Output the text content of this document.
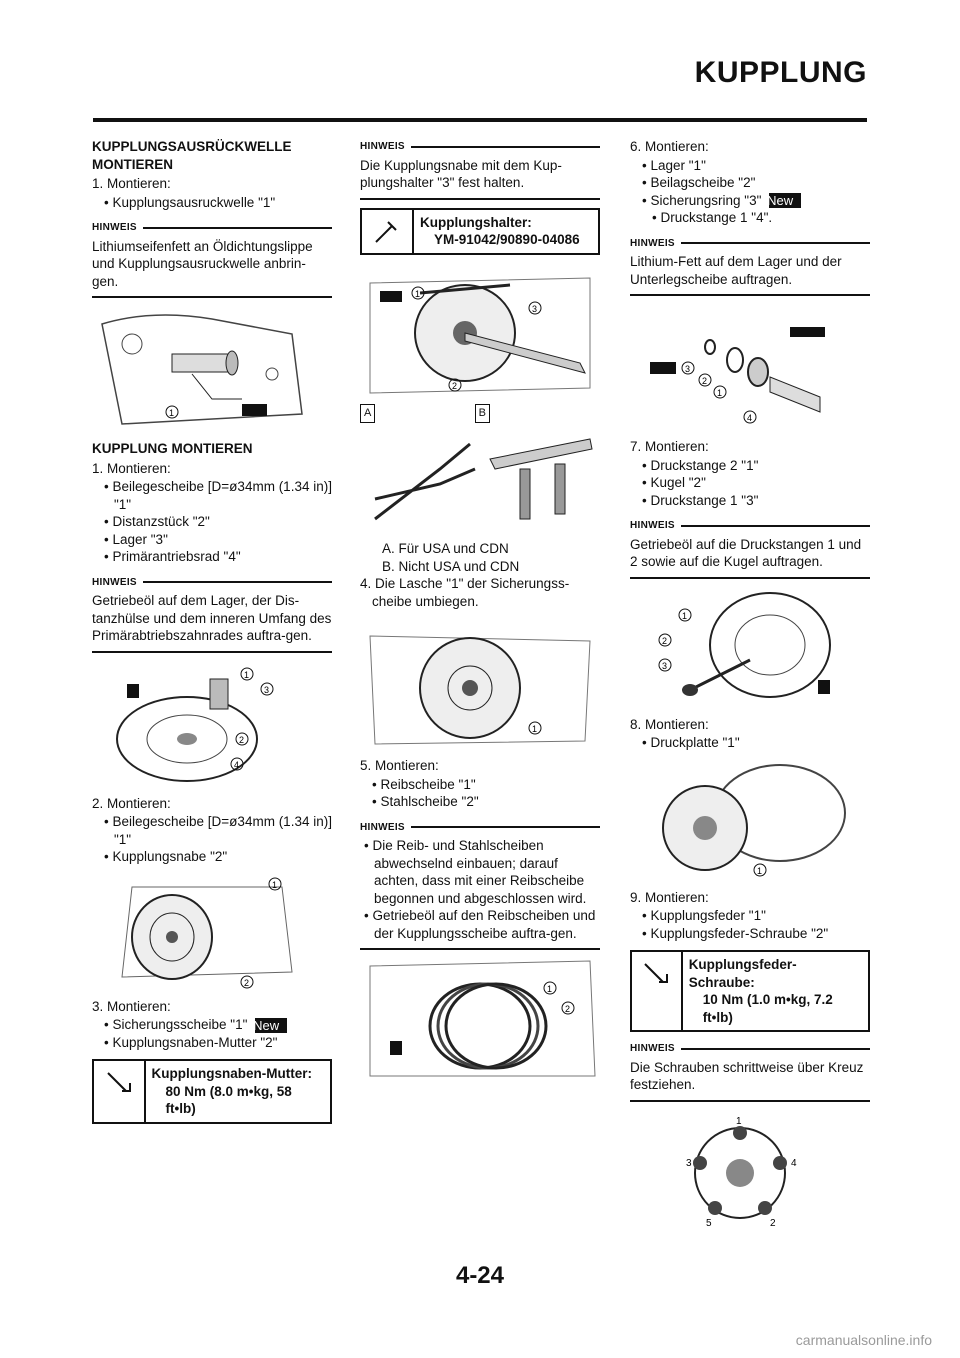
KUPPLUNG
KUPPLUNGSAUSRÜCKWELLE MONTIEREN
1. Montieren:
• Kupplungsausruckwelle "1"
HINWEIS
Lithiumseifenfett an Öldichtungslippe und Kupplungsausruckwelle anbrin-gen.
1
KUPPLUNG MONTIEREN
1. Montieren:
• Beilegescheibe [D=ø34mm (1.34 in)] "1"
• Distanzstück "2"
• Lager "3"
• Primärantriebsrad "4"
HINWEIS
Getriebeöl auf dem Lager, der Dis-tanzhülse und dem inneren Umfang des Primärabtriebszahnrades auftra-gen.
1
3
2
4
2. Montieren:
• Beilegescheibe [D=ø34mm (1.34 in)] "1"
• Kupplungsnabe "2"
1
2
3. Montieren:
• Sicherungsscheibe "1" New
• Kupplungsnaben-Mutter "2"
Kupplungsnaben-Mutter:
80 Nm (8.0 m•kg, 58 ft•lb)
HINWEIS
Die Kupplungsnabe mit dem Kup-plungshalter "3" fest halten.
Kupplungshalter:
YM-91042/90890-04086
1
3
2
A	B
A. Für USA und CDN
B. Nicht USA und CDN
4. Die Lasche "1" der Sicherungss-cheibe umbiegen.
1
5. Montieren:
• Reibscheibe "1"
• Stahlscheibe "2"
HINWEIS
• Die Reib- und Stahlscheiben abwechselnd einbauen; darauf achten, dass mit einer Reibscheibe begonnen und abgeschlossen wird.
• Getriebeöl auf den Reibscheiben und der Kupplungsscheibe auftra-gen.
1
2
6. Montieren:
• Lager "1"
• Beilagscheibe "2"
• Sicherungsring "3" New
• Druckstange 1 "4".
HINWEIS
Lithium-Fett auf dem Lager und der Unterlegscheibe auftragen.
3
2
1
4
7. Montieren:
• Druckstange 2 "1"
• Kugel "2"
• Druckstange 1 "3"
HINWEIS
Getriebeöl auf die Druckstangen 1 und 2 sowie auf die Kugel auftragen.
1
2
3
8. Montieren:
• Druckplatte "1"
1
9. Montieren:
• Kupplungsfeder "1"
• Kupplungsfeder-Schraube "2"
Kupplungsfeder-Schraube:
10 Nm (1.0 m•kg, 7.2 ft•lb)
HINWEIS
Die Schrauben schrittweise über Kreuz festziehen.
1
4
2
5
3
4-24
carmanualsonline.info
